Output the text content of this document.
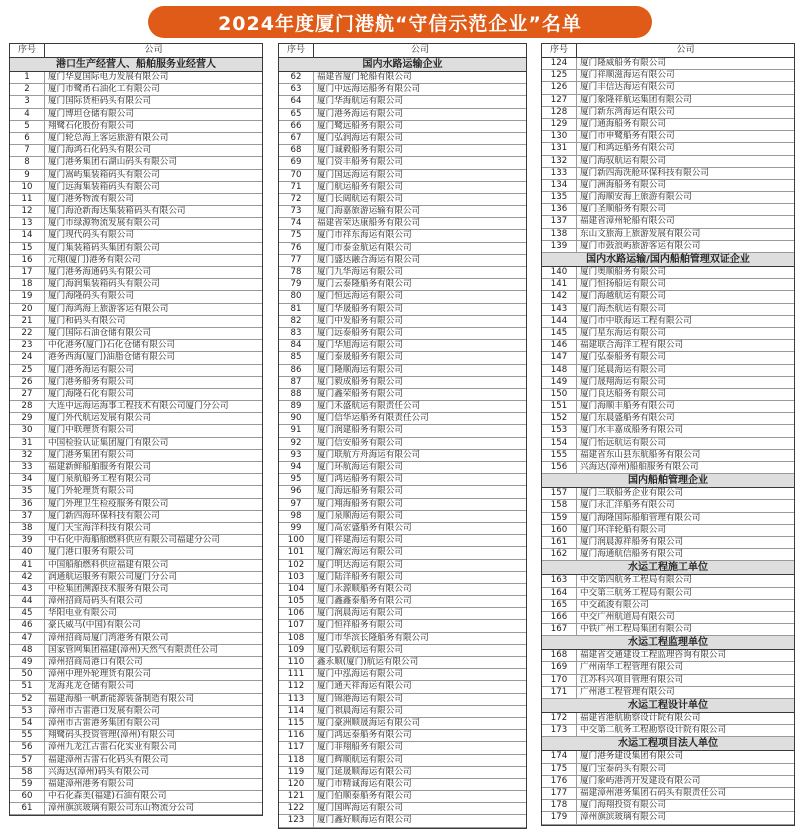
2024年度厦门港航“守信示范企业”名单
序号	公司
港口生产经营人、船舶服务业经营人
1	厦门华夏国际电力发展有限公司
2	厦门市鹭甬石油化工有限公司
3	厦门国际货柜码头有限公司
4	厦门博坦仓储有限公司
5	翔鹭石化股份有限公司
6	厦门轮总海上客运旅游有限公司
7	厦门海鸿石化码头有限公司
8	厦门港务集团石湖山码头有限公司
9	厦门嵩屿集装箱码头有限公司
10	厦门远海集装箱码头有限公司
11	厦门港务物流有限公司
12	厦门海沧新海达集装箱码头有限公司
13	厦门市绿源物流发展有限公司
14	厦门现代码头有限公司
15	厦门集装箱码头集团有限公司
16	元翔(厦门)港务有限公司
17	厦门港务海通码头有限公司
18	厦门海润集装箱码头有限公司
19	厦门海隆码头有限公司
20	厦门海鸿海上旅游客运有限公司
21	厦门和码头有限公司
22	厦门国际石油仓储有限公司
23	中化港务(厦门)石化仓储有限公司
24	港务西海(厦门)油脂仓储有限公司
25	厦门港务海运有限公司
26	厦门港务船务有限公司
27	厦门海隆石化有限公司
28	大连中远海运海事工程技术有限公司厦门分公司
29	厦门外代航运发展有限公司
30	厦门中联理货有限公司
31	中国检验认证集团厦门有限公司
32	厦门港务集团有限公司
33	福建新鲜船舶服务有限公司
34	厦门泉航船务工程有限公司
35	厦门外轮理货有限公司
36	厦门外理卫生检疫服务有限公司
37	厦门新四海环保科技有限公司
38	厦门天宝海洋科技有限公司
39	中石化中海船舶燃料供应有限公司福建分公司
40	厦门港口服务有限公司
41	中国船舶燃料供应福建有限公司
42	润通航运服务有限公司厦门分公司
43	中检集团溯源技术服务有限公司
44	漳州招商局码头有限公司
45	华阳电业有限公司
46	豪氏威马(中国)有限公司
47	漳州招商局厦门湾港务有限公司
48	国家管网集团福建(漳州)天然气有限责任公司
49	漳州招商局港口有限公司
50	漳州中理外轮理货有限公司
51	龙海兆龙仓储有限公司
52	福建海船一帆新能源装备制造有限公司
53	漳州市古雷港口发展有限公司
54	漳州市古雷港务集团有限公司
55	翔鹭码头投资管理(漳州)有限公司
56	漳州九龙江古雷石化实业有限公司
57	福建漳州古雷石化码头有限公司
58	兴海达(漳州)码头有限公司
59	福建漳州港务有限公司
60	中石化森美(福建)石油有限公司
61	漳州旗滨玻璃有限公司东山物流分公司
序号	公司
国内水路运输企业
62	福建省厦门轮船有限公司
63	厦门中远海运船务有限公司
64	厦门华海航运有限公司
65	厦门港务海运有限公司
66	厦门鹭远船务有限公司
67	厦门弘润海运有限公司
68	厦门诚毅船务有限公司
69	厦门资丰船务有限公司
70	厦门国远海运有限公司
71	厦门航运船务有限公司
72	厦门长阔航运有限公司
73	厦门海嘉旅游运输有限公司
74	福建省荣达康船务有限公司
75	厦门市祥东海运有限公司
76	厦门市泰金航运有限公司
77	厦门盛达融合海运有限公司
78	厦门九华海运有限公司
79	厦门云泰隆船务有限公司
80	厦门恒远海运有限公司
81	厦门华晟船务有限公司
82	厦门中发船务有限公司
83	厦门远泰船务有限公司
84	厦门华旭海运有限公司
85	厦门泰晟船务有限公司
86	厦门隆顺海运有限公司
87	厦门毅成船务有限公司
88	厦门鑫荣船务有限公司
89	厦门禾盛航运有限责任公司
90	厦门信华运船务有限责任公司
91	厦门润建船务有限公司
92	厦门信安船务有限公司
93	厦门联航方舟海运有限公司
94	厦门环航海运有限公司
95	厦门鸿运船务有限公司
96	厦门海远船务有限公司
97	厦门翔海船务有限公司
98	厦门泉顺海运有限公司
99	厦门高宏盛船务有限公司
100	厦门祥建海运有限公司
101	厦门瀚宏海运有限公司
102	厦门明达海运有限公司
103	厦门陆洋船务有限公司
104	厦门永源顺船务有限公司
105	厦门鑫鑫泰船务有限公司
106	厦门润晨海运有限公司
107	厦门恒祥船务有限公司
108	厦门市华滨长隆船务有限公司
109	厦门弘毅航运有限公司
110	鑫永顺(厦门)航运有限公司
111	厦门中泓海运有限公司
112	厦门通天祥海运有限公司
113	厦门锦港海运有限公司
114	厦门祺晨海运有限公司
115	厦门豪洲顺晟海运有限公司
116	厦门鸿远泰船务有限公司
117	厦门菲翔船务有限公司
118	厦门辉顺航运有限公司
119	厦门延晟顺海运有限公司
120	厦门市精诚海运有限公司
121	厦门伯顺泰船务有限公司
122	厦门国晖海运有限公司
123	厦门鑫好顺海运有限公司
序号	公司
124	厦门隆威船务有限公司
125	厦门祥顺滋海运有限公司
126	厦门丰信达海运有限公司
127	厦门象隆祥航运集团有限公司
128	厦门新东湾海运有限公司
129	厦门通海船务有限公司
130	厦门市申鹭船务有限公司
131	厦门和鸿远船务有限公司
132	厦门海驭航运有限公司
133	厦门新四海洗舱环保科技有限公司
134	厦门洲海船务有限公司
135	厦门海顺安海上旅游有限公司
136	厦门圣顺船务有限公司
137	福建省漳州轮船有限公司
138	东山文旅海上旅游发展有限公司
139	厦门市鼓浪屿旅游客运有限公司
国内水路运输/国内船舶管理双证企业
140	厦门奥顺船务有限公司
141	厦门恒扬船运有限公司
142	厦门海越航运有限公司
143	厦门海杰航运有限公司
144	厦门市中联海运工程有限公司
145	厦门星东海运有限公司
146	福建联合海洋工程有限公司
147	厦门弘泰船务有限公司
148	厦门延晨海运有限公司
149	厦门晟翔海运有限公司
150	厦门良达船务有限公司
151	厦门海顺丰船务有限公司
152	厦门东晨盛船务有限公司
153	厦门水丰嘉成船务有限公司
154	厦门怡远航运有限公司
155	福建省东山县东航船务有限公司
156	兴海达(漳州)船舶服务有限公司
国内船舶管理企业
157	厦门三联船务企业有限公司
158	厦门永汇洋船务有限公司
159	厦门海隆国际船舶管理有限公司
160	厦门环洋轮船有限公司
161	厦门润晨源祥船务有限公司
162	厦门海通航信船务有限公司
水运工程施工单位
163	中交第四航务工程局有限公司
164	中交第三航务工程局有限公司
165	中交疏浚有限公司
166	中交广州航道局有限公司
167	中铁广州工程局集团有限公司
水运工程监理单位
168	福建省交通建设工程监理咨询有限公司
169	广州南华工程管理有限公司
170	江苏科兴项目管理有限公司
171	广州港工程管理有限公司
水运工程设计单位
172	福建省港航勘察设计院有限公司
173	中交第二航务工程勘察设计院有限公司
水运工程项目法人单位
174	厦门港务建设集团有限公司
175	厦门宝泰码头有限公司
176	厦门象屿港湾开发建设有限公司
177	福建漳州港务集团石码头有限责任公司
178	厦门海翔投资有限公司
179	漳州旗滨玻璃有限公司
